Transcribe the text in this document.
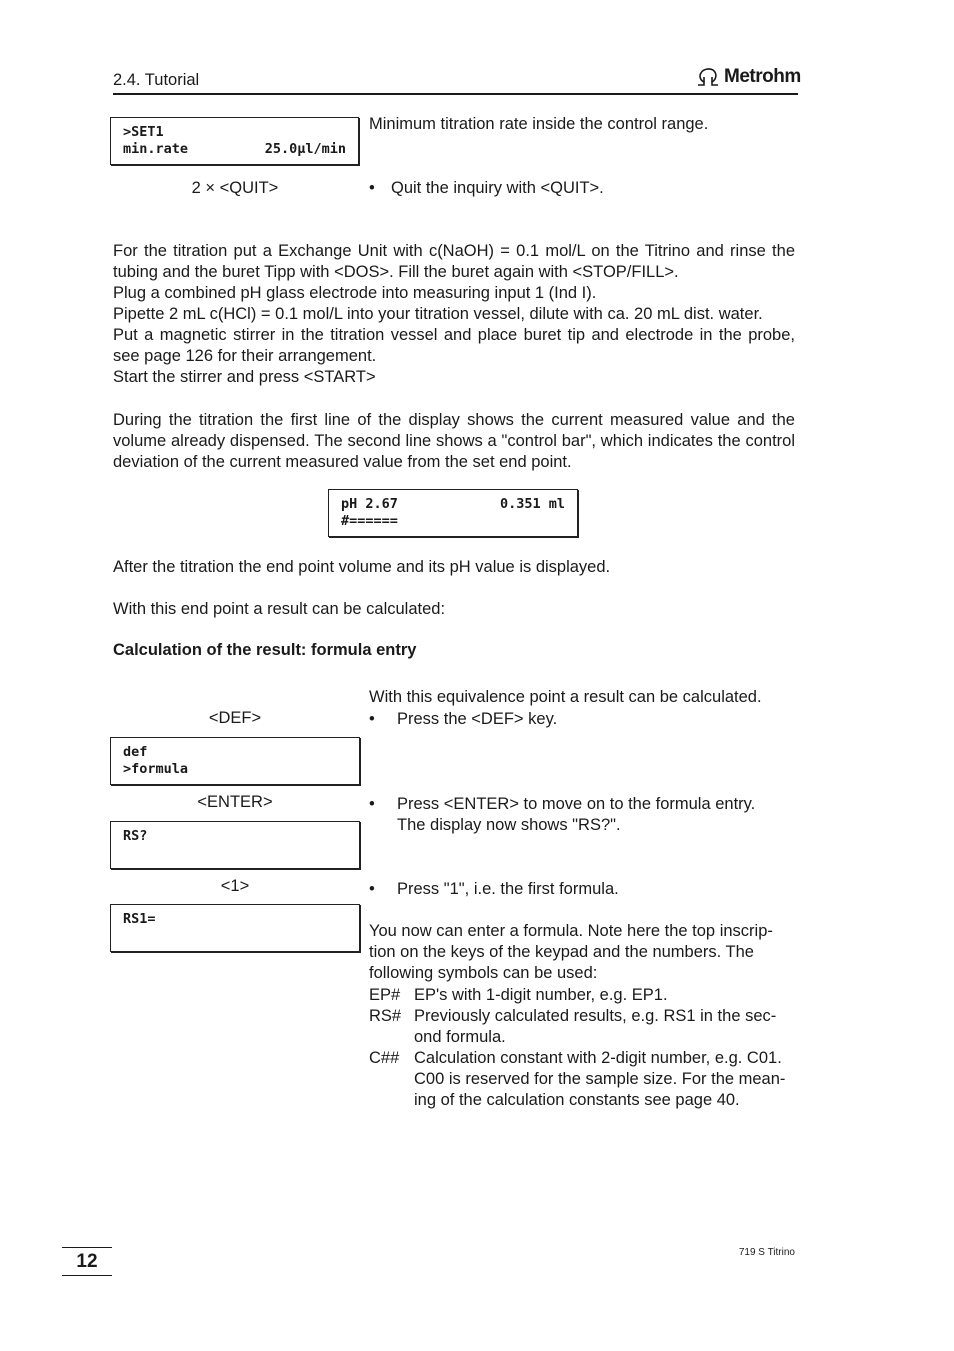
2.4. Tutorial	Metrohm
>SET1
min.rate	25.0µl/min
Minimum titration rate inside the control range.
2 × <QUIT>	• Quit the inquiry with <QUIT>.

For the titration put a Exchange Unit with c(NaOH) = 0.1 mol/L on the Titrino and rinse the tubing and the buret Tipp with <DOS>. Fill the buret again with <STOP/FILL>.

Plug a combined pH glass electrode into measuring input 1 (Ind I).

Pipette 2 mL c(HCl) = 0.1 mol/L into your titration vessel, dilute with ca. 20 mL dist. water.

Put a magnetic stirrer in the titration vessel and place buret tip and electrode in the probe, see page 126 for their arrangement.

Start the stirrer and press <START>

During the titration the first line of the display shows the current measured value and the volume already dispensed. The second line shows a "control bar", which indicates the control deviation of the current measured value from the set end point.

pH 2.67	0.351 ml
#======
After the titration the end point volume and its pH value is displayed.
With this end point a result can be calculated:
Calculation of the result: formula entry
With this equivalence point a result can be calculated.
<DEF>	•	Press the <DEF> key.
def
>formula
<ENTER>	•	Press <ENTER> to move on to the formula entry.
The display now shows "RS?".
RS?
<1>	•	Press "1", i.e. the first formula.
RS1=
You now can enter a formula. Note here the top inscrip-
tion on the keys of the keypad and the numbers. The
following symbols can be used:
EP# EP's with 1-digit number, e.g. EP1.
RS# Previously calculated results, e.g. RS1 in the sec-
ond formula.
C## Calculation constant with 2-digit number, e.g. C01.
C00 is reserved for the sample size. For the mean-
ing of the calculation constants see page 40.
12	719 S Titrino
